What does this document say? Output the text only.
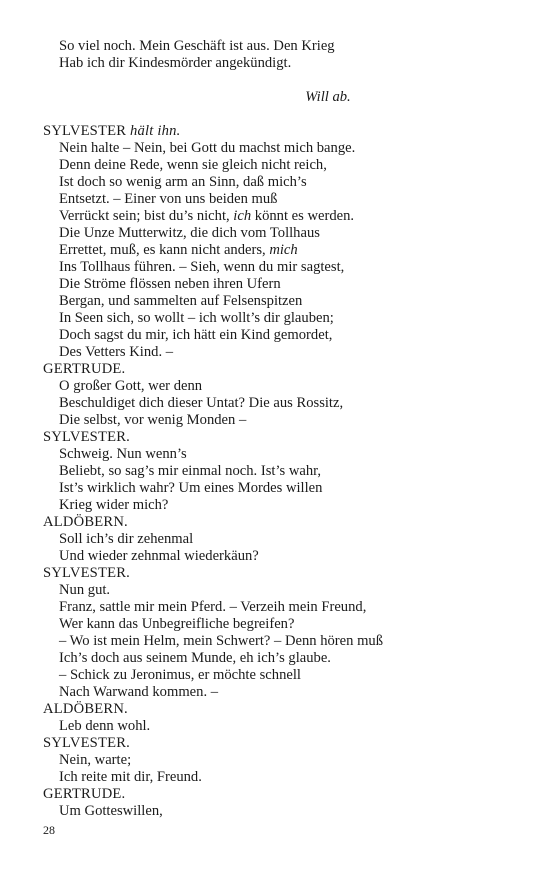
So viel noch. Mein Geschäft ist aus. Den Krieg
Hab ich dir Kindesmörder angekündigt.
Will ab.
SYLVESTER hält ihn.
Nein halte – Nein, bei Gott du machst mich bange.
Denn deine Rede, wenn sie gleich nicht reich,
Ist doch so wenig arm an Sinn, daß mich’s
Entsetzt. – Einer von uns beiden muß
Verrückt sein; bist du’s nicht, ich könnt es werden.
Die Unze Mutterwitz, die dich vom Tollhaus
Errettet, muß, es kann nicht anders, mich
Ins Tollhaus führen. – Sieh, wenn du mir sagtest,
Die Ströme flössen neben ihren Ufern
Bergan, und sammelten auf Felsenspitzen
In Seen sich, so wollt – ich wollt’s dir glauben;
Doch sagst du mir, ich hätt ein Kind gemordet,
Des Vetters Kind. –
GERTRUDE.
O großer Gott, wer denn
Beschuldiget dich dieser Untat? Die aus Rossitz,
Die selbst, vor wenig Monden –
SYLVESTER.
Schweig. Nun wenn’s
Beliebt, so sag’s mir einmal noch. Ist’s wahr,
Ist’s wirklich wahr? Um eines Mordes willen
Krieg wider mich?
ALDÖBERN.
Soll ich’s dir zehenmal
Und wieder zehnmal wiederkäun?
SYLVESTER.
Nun gut.
Franz, sattle mir mein Pferd. – Verzeih mein Freund,
Wer kann das Unbegreifliche begreifen?
– Wo ist mein Helm, mein Schwert? – Denn hören muß
Ich’s doch aus seinem Munde, eh ich’s glaube.
– Schick zu Jeronimus, er möchte schnell
Nach Warwand kommen. –
ALDÖBERN.
Leb denn wohl.
SYLVESTER.
Nein, warte;
Ich reite mit dir, Freund.
GERTRUDE.
Um Gotteswillen,
28
